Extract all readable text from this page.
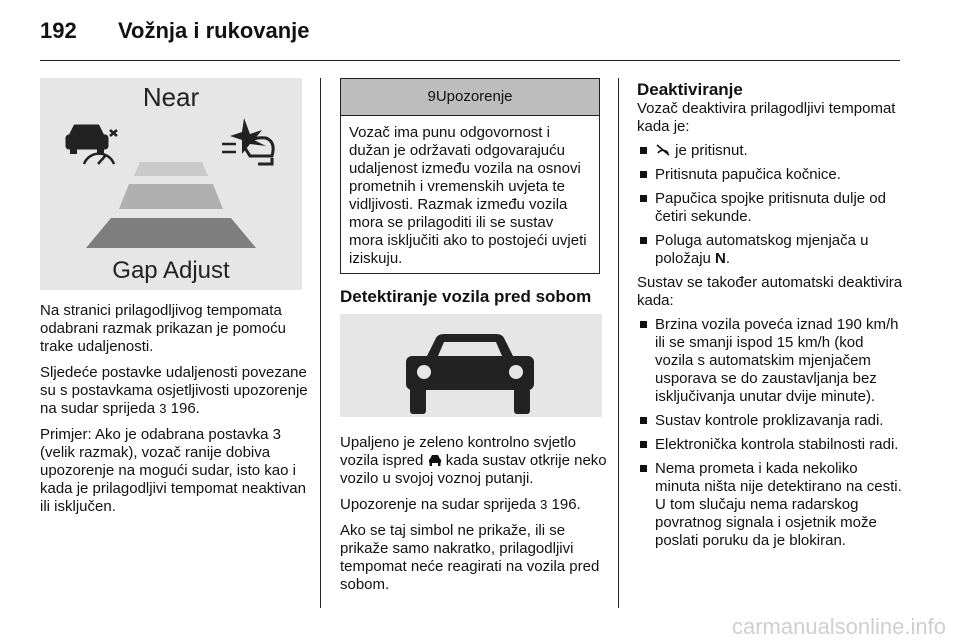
192 Vožnja i rukovanje
Near
Gap Adjust

Na stranici prilagodljivog tempomata odabrani razmak prikazan je pomoću trake udaljenosti.

Sljedeće postavke udaljenosti povezane su s postavkama osjetljivosti upozorenje na sudar sprijeda 3 196.

Primjer: Ako je odabrana postavka 3 (velik razmak), vozač ranije dobiva upozorenje na mogući sudar, isto kao i kada je prilagodljivi tempomat neaktivan ili isključen.

9Upozorenje
Vozač ima punu odgovornost i dužan je održavati odgovarajuću udaljenost između vozila na osnovi prometnih i vremenskih uvjeta te vidljivosti. Razmak između vozila mora se prilagoditi ili se sustav mora isključiti ako to postojeći uvjeti iziskuju.
Detektiranje vozila pred sobom

Upaljeno je zeleno kontrolno svjetlo vozila ispred  kada sustav otkrije neko vozilo u svojoj voznoj putanji.

Upozorenje na sudar sprijeda 3 196.

Ako se taj simbol ne prikaže, ili se prikaže samo nakratko, prilagodljivi tempomat neće reagirati na vozila pred sobom.

Deaktiviranje

Vozač deaktivira prilagodljivi tempomat kada je:

je pritisnut.
Pritisnuta papučica kočnice.
Papučica spojke pritisnuta dulje od četiri sekunde.
Poluga automatskog mjenjača u položaju N.

Sustav se također automatski deaktivira kada:

Brzina vozila poveća iznad 190 km/h ili se smanji ispod 15 km/h (kod vozila s automatskim mjenjačem usporava se do zaustavljanja bez isključivanja unutar dvije minute).
Sustav kontrole proklizavanja radi.
Elektronička kontrola stabilnosti radi.
Nema prometa i kada nekoliko minuta ništa nije detektirano na cesti. U tom slučaju nema radarskog povratnog signala i osjetnik može poslati poruku da je blokiran.
carmanualsonline.info
